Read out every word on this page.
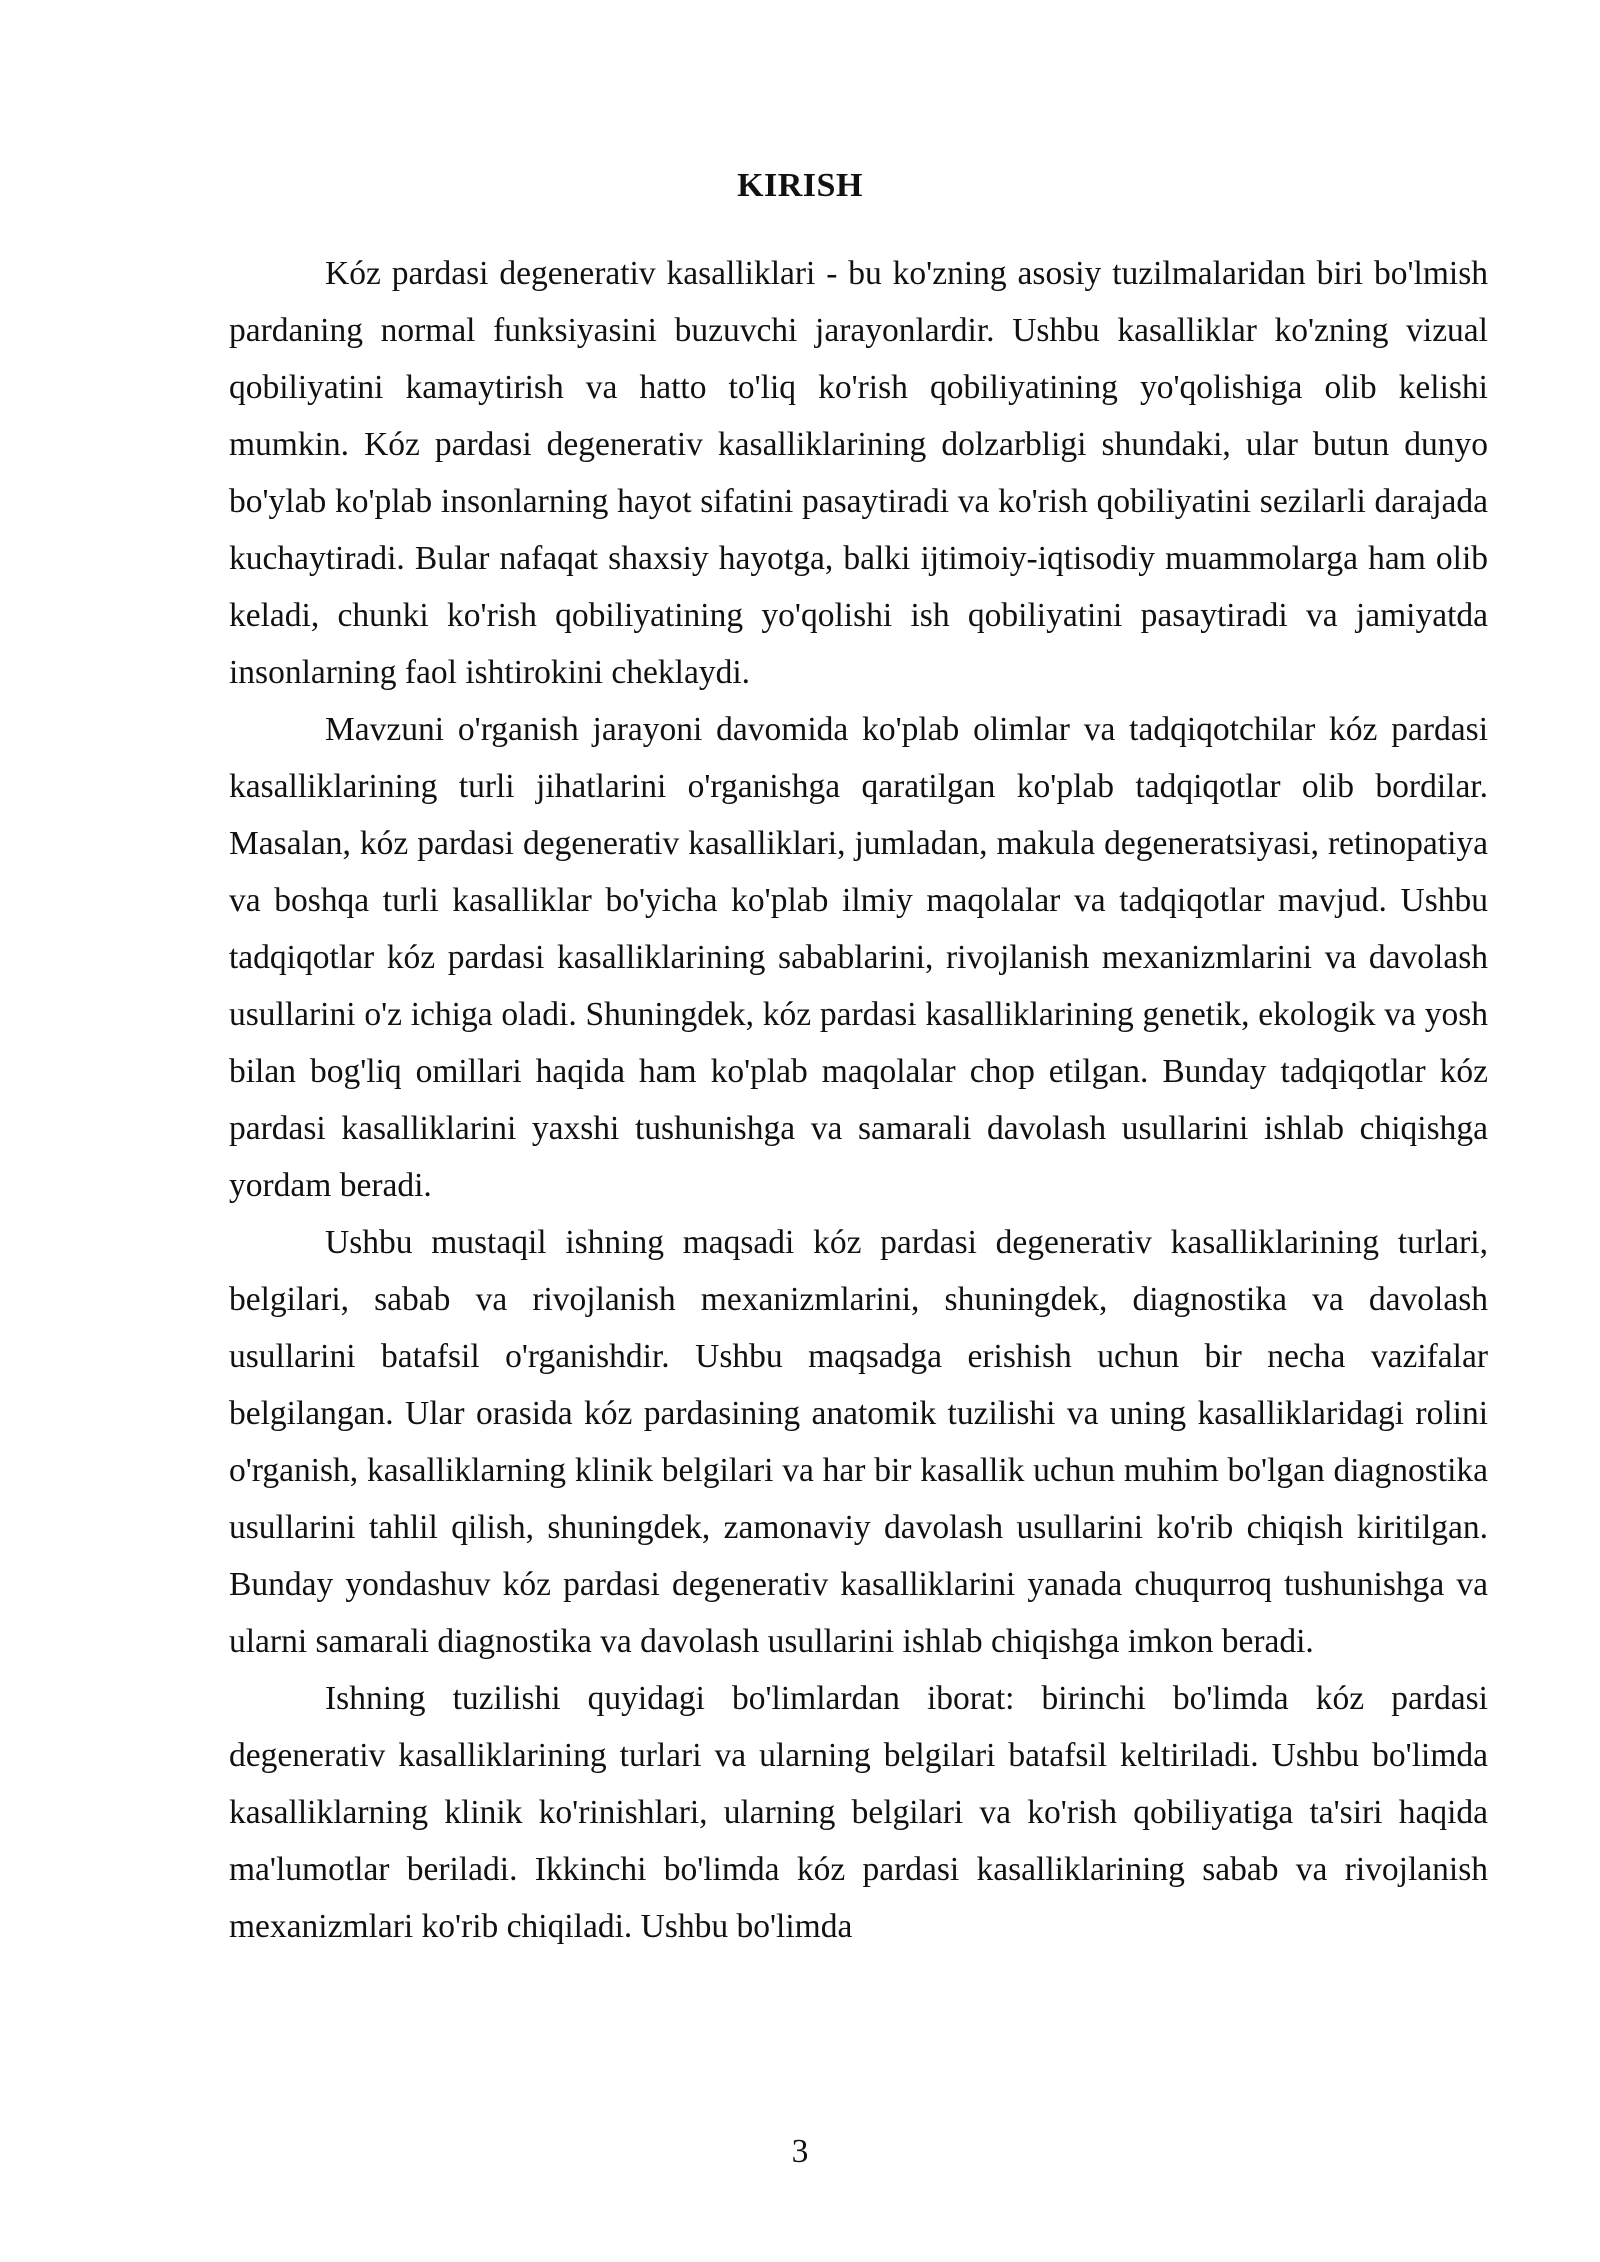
KIRISH

Kóz pardasi degenerativ kasalliklari - bu ko'zning asosiy tuzilmalaridan biri bo'lmish pardaning normal funksiyasini buzuvchi jarayonlardir. Ushbu kasalliklar ko'zning vizual qobiliyatini kamaytirish va hatto to'liq ko'rish qobiliyatining yo'qolishiga olib kelishi mumkin. Kóz pardasi degenerativ kasalliklarining dolzarbligi shundaki, ular butun dunyo bo'ylab ko'plab insonlarning hayot sifatini pasaytiradi va ko'rish qobiliyatini sezilarli darajada kuchaytiradi. Bular nafaqat shaxsiy hayotga, balki ijtimoiy-iqtisodiy muammolarga ham olib keladi, chunki ko'rish qobiliyatining yo'qolishi ish qobiliyatini pasaytiradi va jamiyatda insonlarning faol ishtirokini cheklaydi.

Mavzuni o'rganish jarayoni davomida ko'plab olimlar va tadqiqotchilar kóz pardasi kasalliklarining turli jihatlarini o'rganishga qaratilgan ko'plab tadqiqotlar olib bordilar. Masalan, kóz pardasi degenerativ kasalliklari, jumladan, makula degeneratsiyasi, retinopatiya va boshqa turli kasalliklar bo'yicha ko'plab ilmiy maqolalar va tadqiqotlar mavjud. Ushbu tadqiqotlar kóz pardasi kasalliklarining sabablarini, rivojlanish mexanizmlarini va davolash usullarini o'z ichiga oladi. Shuningdek, kóz pardasi kasalliklarining genetik, ekologik va yosh bilan bog'liq omillari haqida ham ko'plab maqolalar chop etilgan. Bunday tadqiqotlar kóz pardasi kasalliklarini yaxshi tushunishga va samarali davolash usullarini ishlab chiqishga yordam beradi.

Ushbu mustaqil ishning maqsadi kóz pardasi degenerativ kasalliklarining turlari, belgilari, sabab va rivojlanish mexanizmlarini, shuningdek, diagnostika va davolash usullarini batafsil o'rganishdir. Ushbu maqsadga erishish uchun bir necha vazifalar belgilangan. Ular orasida kóz pardasining anatomik tuzilishi va uning kasalliklaridagi rolini o'rganish, kasalliklarning klinik belgilari va har bir kasallik uchun muhim bo'lgan diagnostika usullarini tahlil qilish, shuningdek, zamonaviy davolash usullarini ko'rib chiqish kiritilgan. Bunday yondashuv kóz pardasi degenerativ kasalliklarini yanada chuqurroq tushunishga va ularni samarali diagnostika va davolash usullarini ishlab chiqishga imkon beradi.

Ishning tuzilishi quyidagi bo'limlardan iborat: birinchi bo'limda kóz pardasi degenerativ kasalliklarining turlari va ularning belgilari batafsil keltiriladi. Ushbu bo'limda kasalliklarning klinik ko'rinishlari, ularning belgilari va ko'rish qobiliyatiga ta'siri haqida ma'lumotlar beriladi. Ikkinchi bo'limda kóz pardasi kasalliklarining sabab va rivojlanish mexanizmlari ko'rib chiqiladi. Ushbu bo'limda

3
